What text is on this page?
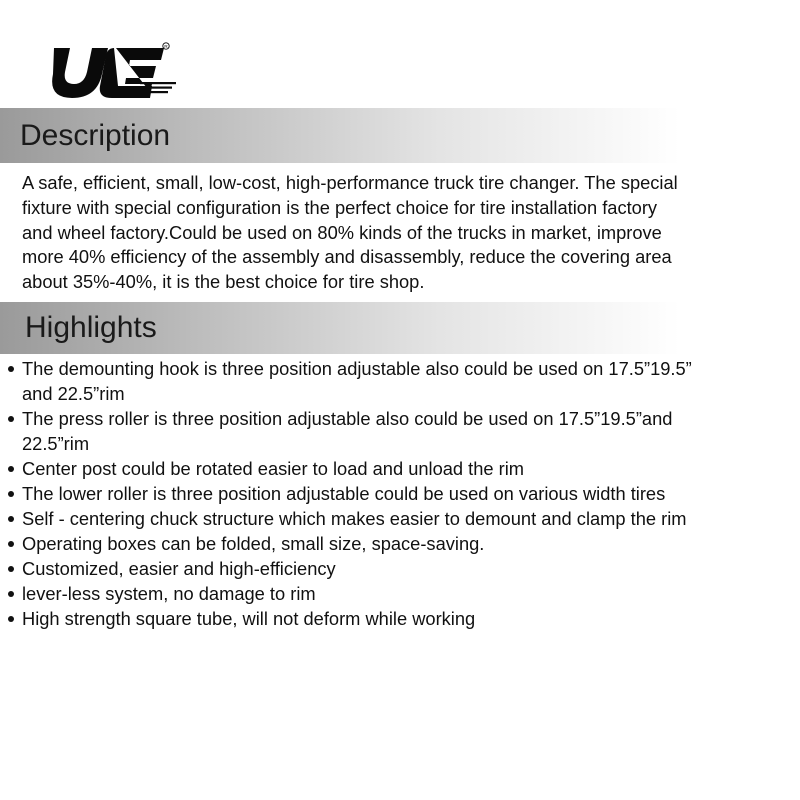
R
Description

A safe, efficient, small, low-cost, high-performance truck tire changer. The special
fixture with special configuration is the perfect choice for tire installation factory
and wheel factory.Could be used on 80% kinds of the trucks in market, improve
more 40% efficiency of the assembly and disassembly, reduce the covering area
about 35%-40%, it is the best choice for tire shop.

Highlights
The demounting hook is three position adjustable also could be used on 17.5”19.5”
and 22.5”rim
The press roller is three position adjustable also could be used on 17.5”19.5”and
22.5”rim
Center post could be rotated easier to load and unload the rim
The lower roller is three position adjustable could be used on various width tires
Self - centering chuck structure which makes easier to demount and clamp the rim
Operating boxes can be folded, small size, space-saving.
Customized, easier and high-efficiency
lever-less system, no damage to rim
High strength square tube, will not deform while working
